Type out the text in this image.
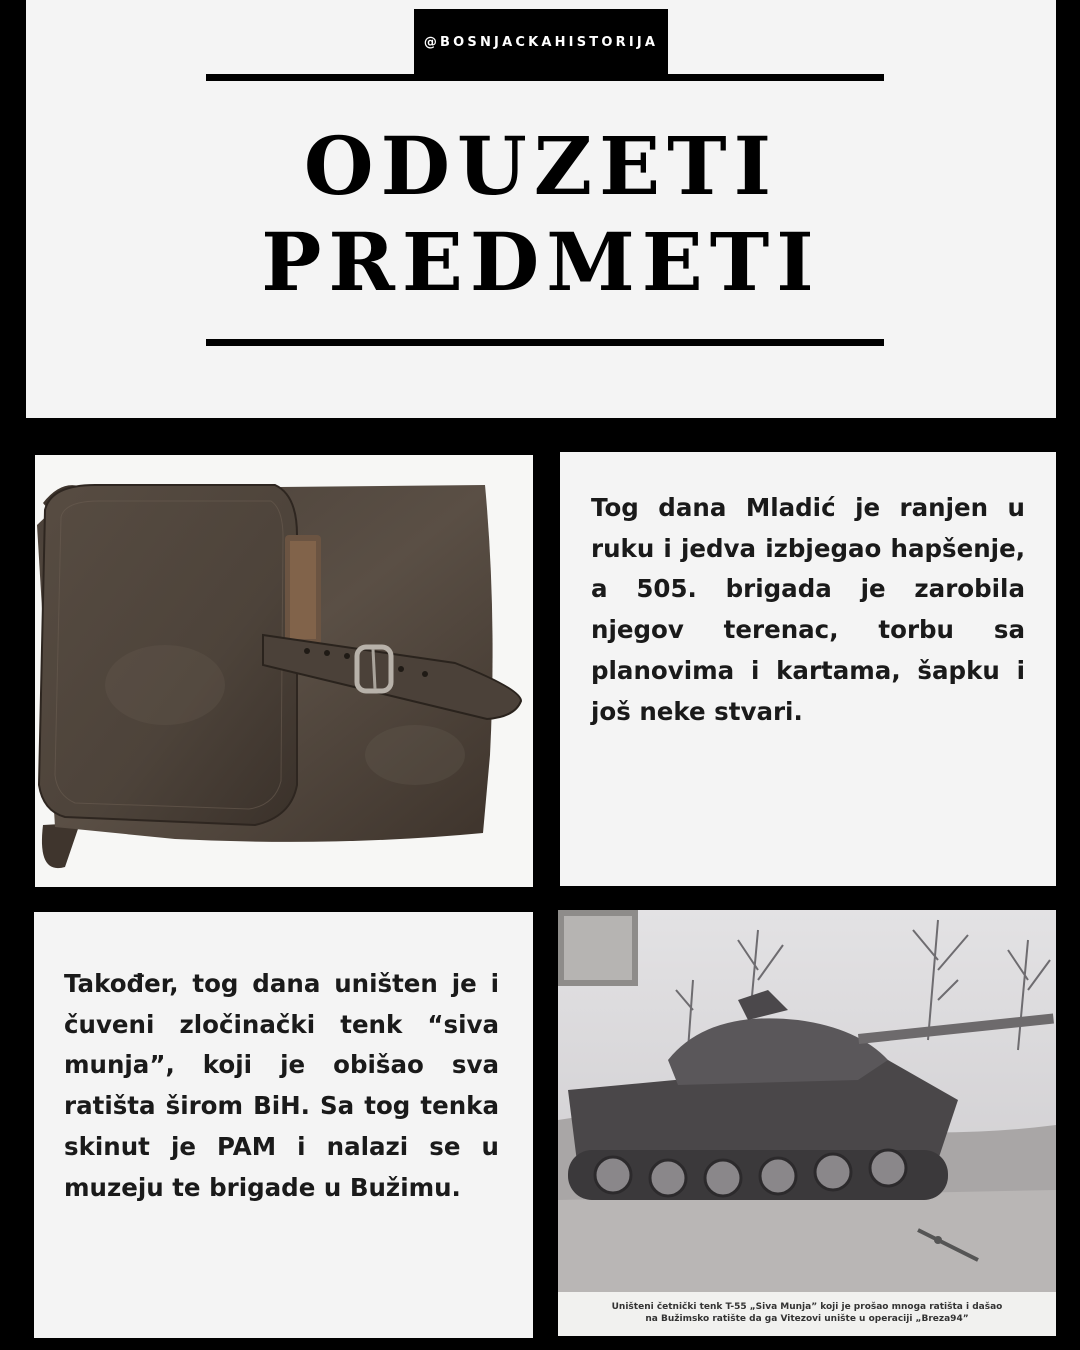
@BOSNJACKAHISTORIJA
ODUZETI
PREDMETI

Tog dana Mladić je ranjen u ruku i jedva izbjegao hapšenje, a 505. brigada je zarobila njegov terenac, torbu sa planovima i kartama, šapku i još neke stvari.

Također, tog dana uništen je i čuveni zločinački tenk “siva munja”, koji je obišao sva ratišta širom BiH. Sa tog tenka skinut je PAM i nalazi se u muzeju te brigade u Bužimu.

Uništeni četnički tenk T-55 „Siva Munja” koji je prošao mnoga ratišta i dašao
na Bužimsko ratište da ga Vitezovi unište u operaciji „Breza94”
